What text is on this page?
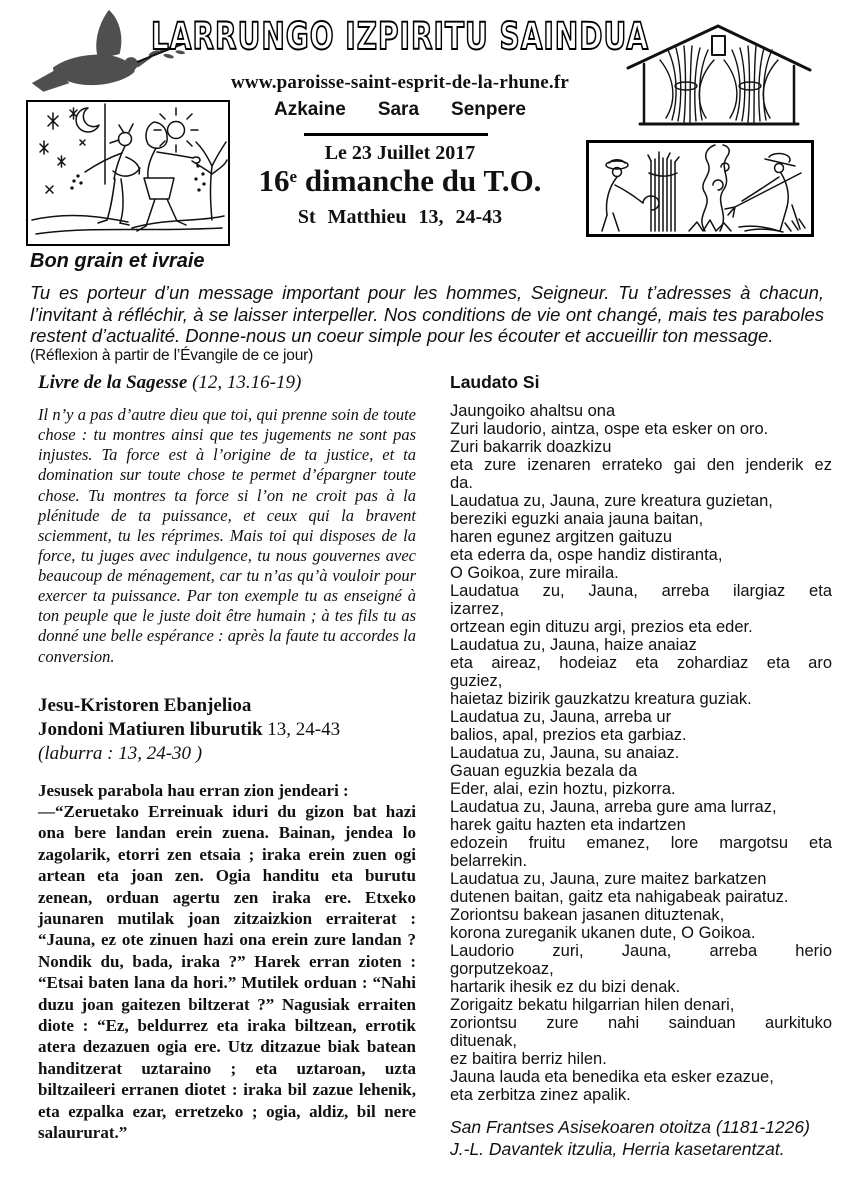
LARRUNGO IZPIRITU SAINDUA
www.paroisse-saint-esprit-de-la-rhune.fr
Azkaine Sara Senpere
Le 23 Juillet 2017
16e dimanche du T.O.
St Matthieu 13, 24-43
Bon grain et ivraie

Tu es porteur d’un message important pour les hommes, Seigneur. Tu t’adresses à chacun, l’invitant à réfléchir, à se laisser interpeller. Nos conditions de vie ont changé, mais tes paraboles restent d’actualité. Donne-nous un coeur simple pour les écouter et accueillir ton message.

(Réflexion à partir de l’Évangile de ce jour)

Livre de la Sagesse (12, 13.16-19)

Il n’y a pas d’autre dieu que toi, qui prenne soin de toute chose : tu montres ainsi que tes jugements ne sont pas injustes. Ta force est à l’origine de ta justice, et ta domination sur toute chose te permet d’épargner toute chose. Tu montres ta force si l’on ne croit pas à la plénitude de ta puissance, et ceux qui la bravent sciemment, tu les réprimes. Mais toi qui disposes de la force, tu juges avec indulgence, tu nous gouvernes avec beaucoup de ménagement, car tu n’as qu’à vouloir pour exercer ta puissance. Par ton exemple tu as enseigné à ton peuple que le juste doit être humain ; à tes fils tu as donné une belle espérance : après la faute tu accordes la conversion.

Jesu-Kristoren Ebanjelioa
Jondoni Matiuren liburutik 13, 24-43
(laburra : 13, 24-30 )
Jesusek parabola hau erran zion jendeari :
—“Zeruetako Erreinuak iduri du gizon bat hazi ona bere landan erein zuena. Bainan, jendea lo zagolarik, etorri zen etsaia ; iraka erein zuen ogi artean eta joan zen. Ogia handitu eta burutu zenean, orduan agertu zen iraka ere. Etxeko jaunaren mutilak joan zitzaizkion erraiterat : “Jauna, ez ote zinuen hazi ona erein zure landan ? Nondik du, bada, iraka ?” Harek erran zioten : “Etsai baten lana da hori.” Mutilek orduan : “Nahi duzu joan gaitezen biltzerat ?” Nagusiak erraiten diote : “Ez, beldurrez eta iraka biltzean, errotik atera dezazuen ogia ere. Utz ditzazue biak batean handitzerat uztaraino ; eta uztaroan, uzta biltzaileeri erranen diotet : iraka bil zazue lehenik, eta ezpalka ezar, erretzeko ; ogia, aldiz, bil nere salaururat.”
Laudato Si
Jaungoiko ahaltsu ona
Zuri laudorio, aintza, ospe eta esker on oro.
Zuri bakarrik doazkizu
eta zure izenaren errateko gai den jenderik ez
da.
Laudatua zu, Jauna, zure kreatura guzietan,
bereziki eguzki anaia jauna baitan,
haren egunez argitzen gaituzu
eta ederra da, ospe handiz distiranta,
O Goikoa, zure miraila.
Laudatua zu, Jauna, arreba ilargiaz eta
izarrez,
ortzean egin dituzu argi, prezios eta eder.
Laudatua zu, Jauna, haize anaiaz
eta aireaz, hodeiaz eta zohardiaz eta aro
guziez,
haietaz bizirik gauzkatzu kreatura guziak.
Laudatua zu, Jauna, arreba ur
balios, apal, prezios eta garbiaz.
Laudatua zu, Jauna, su anaiaz.
Gauan eguzkia bezala da
Eder, alai, ezin hoztu, pizkorra.
Laudatua zu, Jauna, arreba gure ama lurraz,
harek gaitu hazten eta indartzen
edozein fruitu emanez, lore margotsu eta
belarrekin.
Laudatua zu, Jauna, zure maitez barkatzen
dutenen baitan, gaitz eta nahigabeak pairatuz.
Zoriontsu bakean jasanen dituztenak,
korona zureganik ukanen dute, O Goikoa.
Laudorio zuri, Jauna, arreba herio
gorputzekoaz,
hartarik ihesik ez du bizi denak.
Zorigaitz bekatu hilgarrian hilen denari,
zoriontsu zure nahi sainduan aurkituko
dituenak,
ez baitira berriz hilen.
Jauna lauda eta benedika eta esker ezazue,
eta zerbitza zinez apalik.
San Frantses Asisekoaren otoitza (1181-1226)
J.-L. Davantek itzulia, Herria kasetarentzat.
